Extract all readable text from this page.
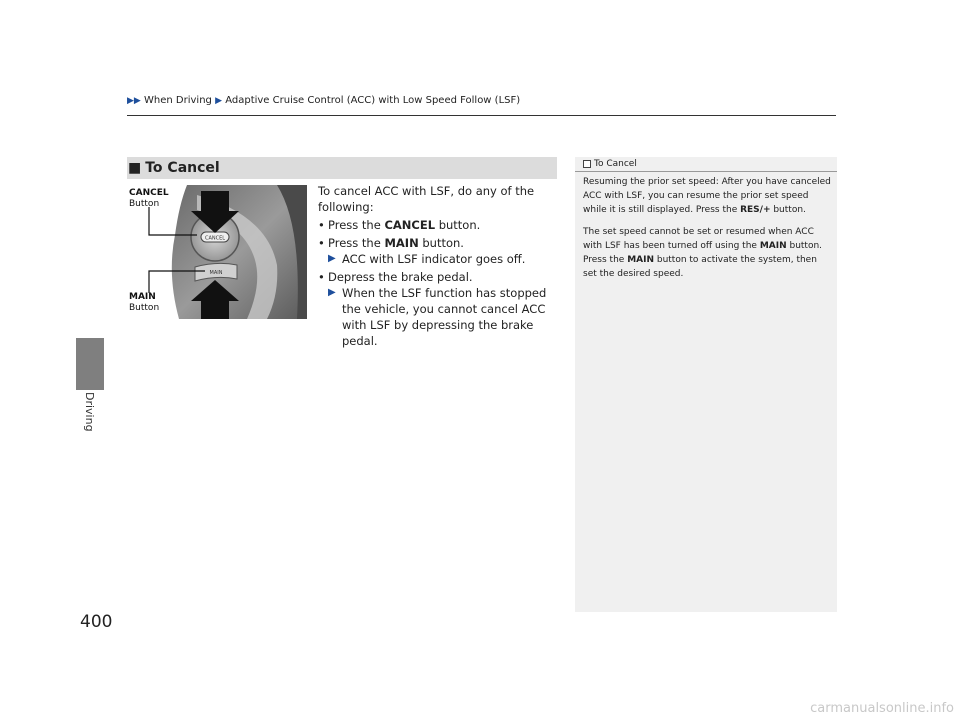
▶▶ When Driving ▶ Adaptive Cruise Control (ACC) with Low Speed Follow (LSF)
Driving
400
■ To Cancel
CANCEL
MAIN
CANCEL
Button
MAIN
Button

To cancel ACC with LSF, do any of the following:

• Press the CANCEL button.
• Press the MAIN button.
▶ ACC with LSF indicator goes off.
• Depress the brake pedal.
▶ When the LSF function has stopped the vehicle, you cannot cancel ACC with LSF by depressing the brake pedal.
To Cancel

Resuming the prior set speed: After you have canceled ACC with LSF, you can resume the prior set speed while it is still displayed. Press the RES/+ button.

The set speed cannot be set or resumed when ACC with LSF has been turned off using the MAIN button. Press the MAIN button to activate the system, then set the desired speed.

carmanualsonline.info
